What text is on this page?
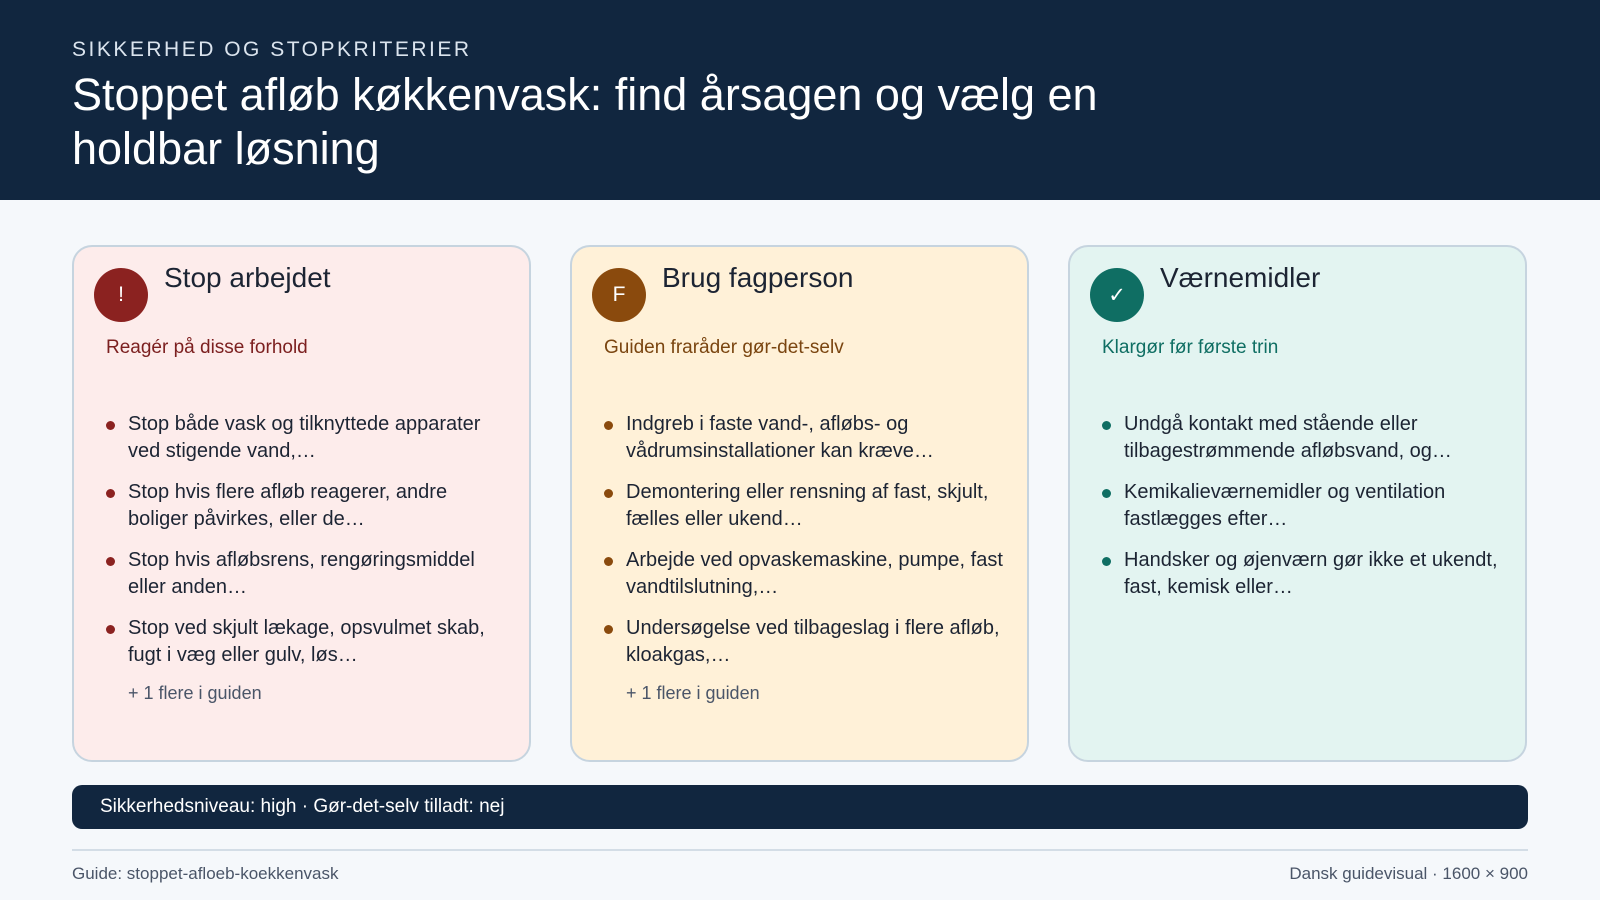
SIKKERHED OG STOPKRITERIER
Stoppet afløb køkkenvask: find årsagen og vælg en holdbar løsning
!
Stop arbejdet
Reagér på disse forhold
Stop både vask og tilknyttede apparater ved stigende vand,…
Stop hvis flere afløb reagerer, andre boliger påvirkes, eller de…
Stop hvis afløbsrens, rengøringsmiddel eller anden…
Stop ved skjult lækage, opsvulmet skab, fugt i væg eller gulv, løs…
+ 1 flere i guiden
F
Brug fagperson
Guiden fraråder gør-det-selv
Indgreb i faste vand-, afløbs- og vådrumsinstallationer kan kræve…
Demontering eller rensning af fast, skjult, fælles eller ukend…
Arbejde ved opvaskemaskine, pumpe, fast vandtilslutning,…
Undersøgelse ved tilbageslag i flere afløb, kloakgas,…
+ 1 flere i guiden
✓
Værnemidler
Klargør før første trin
Undgå kontakt med stående eller tilbagestrømmende afløbsvand, og…
Kemikalieværnemidler og ventilation fastlægges efter…
Handsker og øjenværn gør ikke et ukendt, fast, kemisk eller…
Sikkerhedsniveau: high · Gør-det-selv tilladt: nej
Guide: stoppet-afloeb-koekkenvask	Dansk guidevisual · 1600 × 900
